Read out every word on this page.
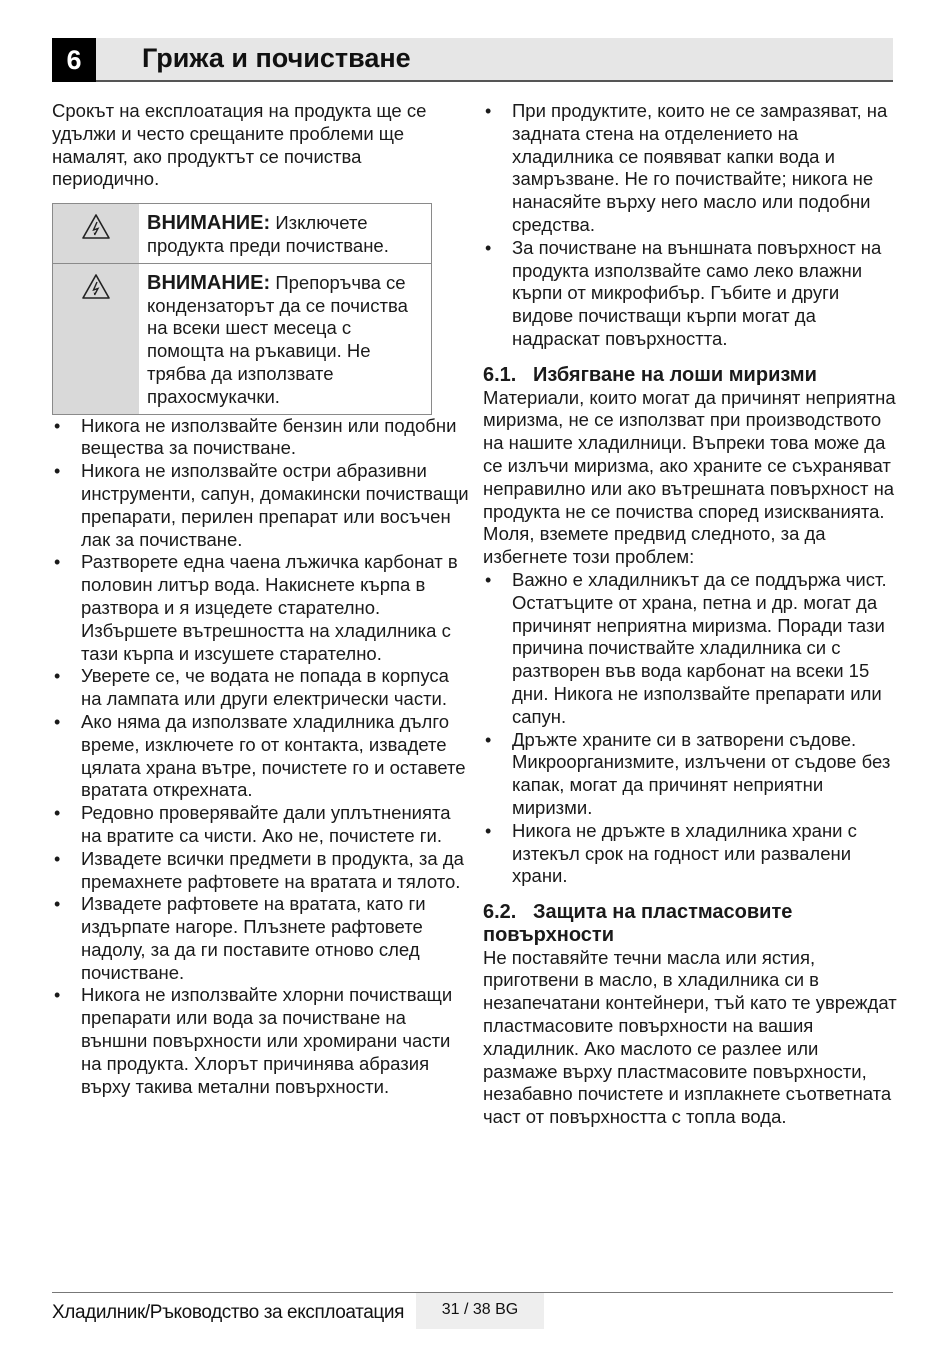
6	Грижа и почистване

Срокът на експлоатация на продукта ще се удължи и често срещаните проблеми ще намалят, ако продуктът се почиства периодично.

ВНИМАНИЕ: Изключете продукта преди почистване.
ВНИМАНИЕ: Препоръчва се кондензаторът да се почиства на всеки шест месеца с помощта на ръкавици. Не трябва да използвате прахосмукачки.
• Никога не използвайте бензин или подобни вещества за почистване.
• Никога не използвайте остри абразивни инструменти, сапун, домакински почистващи препарати, перилен препарат или восъчен лак за почистване.
• Разтворете една чаена лъжичка карбонат в половин литър вода. Накиснете кърпа в разтвора и я изцедете старателно. Избършете вътрешността на хладилника с тази кърпа и изсушете старателно.
• Уверете се, че водата не попада в корпуса на лампата или други електрически части.
• Ако няма да използвате хладилника дълго време, изключете го от контакта, извадете цялата храна вътре, почистете го и оставете вратата открехната.
• Редовно проверявайте дали уплътненията на вратите са чисти. Ако не, почистете ги.
• Извадете всички предмети в продукта, за да премахнете рафтовете на вратата и тялото.
• Извадете рафтовете на вратата, като ги издърпате нагоре. Плъзнете рафтовете надолу, за да ги поставите отново след почистване.
• Никога не използвайте хлорни почистващи препарати или вода за почистване на външни повърхности или хромирани части на продукта. Хлорът причинява абразия върху такива метални повърхности.
• При продуктите, които не се замразяват, на задната стена на отделението на хладилника се появяват капки вода и замръзване. Не го почиствайте; никога не нанасяйте върху него масло или подобни средства.
• За почистване на външната повърхност на продукта използвайте само леко влажни кърпи от микрофибър. Гъбите и други видове почистващи кърпи могат да надраскат повърхността.
6.1. Избягване на лоши миризми

Материали, които могат да причинят неприятна миризма, не се използват при производството на нашите хладилници. Въпреки това може да се излъчи миризма, ако храните се съхраняват неправилно или ако вътрешната повърхност на продукта не се почиства според изискванията. Моля, вземете предвид следното, за да избегнете този проблем:

• Важно е хладилникът да се поддържа чист. Остатъците от храна, петна и др. могат да причинят неприятна миризма. Поради тази причина почиствайте хладилника си с разтворен във вода карбонат на всеки 15 дни. Никога не използвайте препарати или сапун.
• Дръжте храните си в затворени съдове. Микроорганизмите, излъчени от съдове без капак, могат да причинят неприятни миризми.
• Никога не дръжте в хладилника храни с изтекъл срок на годност или развалени храни.
6.2. Защита на пластмасовите повърхности

Не поставяйте течни масла или ястия, приготвени в масло, в хладилника си в незапечатани контейнери, тъй като те увреждат пластмасовите повърхности на вашия хладилник. Ако маслото се разлее или размаже върху пластмасовите повърхности, незабавно почистете и изплакнете съответната част от повърхността с топла вода.

Хладилник/Ръководство за експлоатация	31 / 38 BG
